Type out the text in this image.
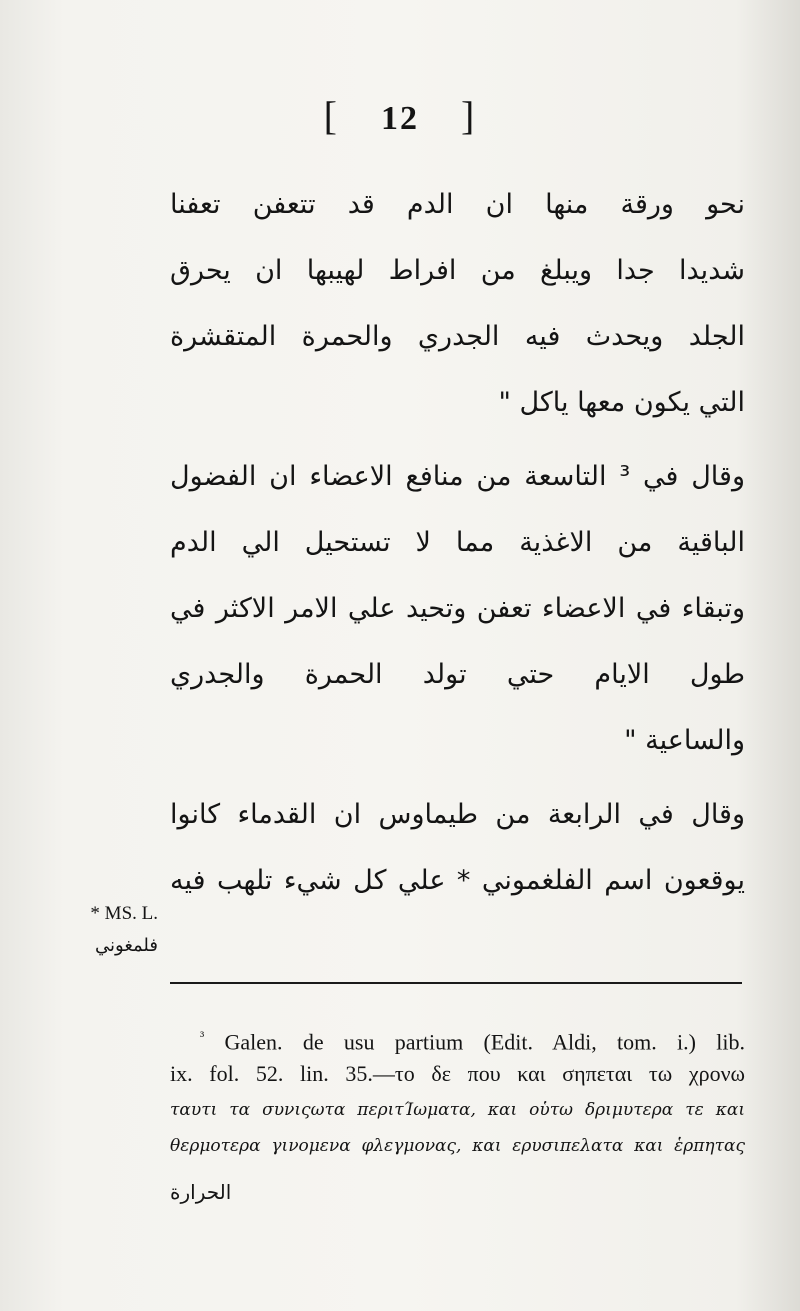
[ 12 ]
نحو ورقة منها ان الدم قد تتعفن تعفنا
شديدا جدا ويبلغ من افراط لهيبها ان يحرق
الجلد ويحدث فيه الجدري والحمرة المتقشرة
التي يكون معها ياكل "
وقال في ³ التاسعة من منافع الاعضاء ان الفضول
الباقية من الاغذية مما لا تستحيل الي الدم
وتبقاء في الاعضاء تعفن وتحيد علي الامر الاكثر في
طول الايام حتي تولد الحمرة والجدري
والساعية "
وقال في الرابعة من طيماوس ان القدماء كانوا
يوقعون اسم الفلغموني * علي كل شيء تلهب فيه
* MS. L.
فلمغوني
$^{^3}$ Galen. de usu partium (Edit. Aldi, tom. i.) lib.
ix. fol. 52. lin. 35.—το δε πoυ και σηπεται τω χρονω
ταυτι τα συνιςωτα περιτΊωματα, και οὑτω δριμυτερα τε και
θερμοτερα γινομενα φλεγμονας, και ερυσιπελατα και ἑρπητας
الحرارة
